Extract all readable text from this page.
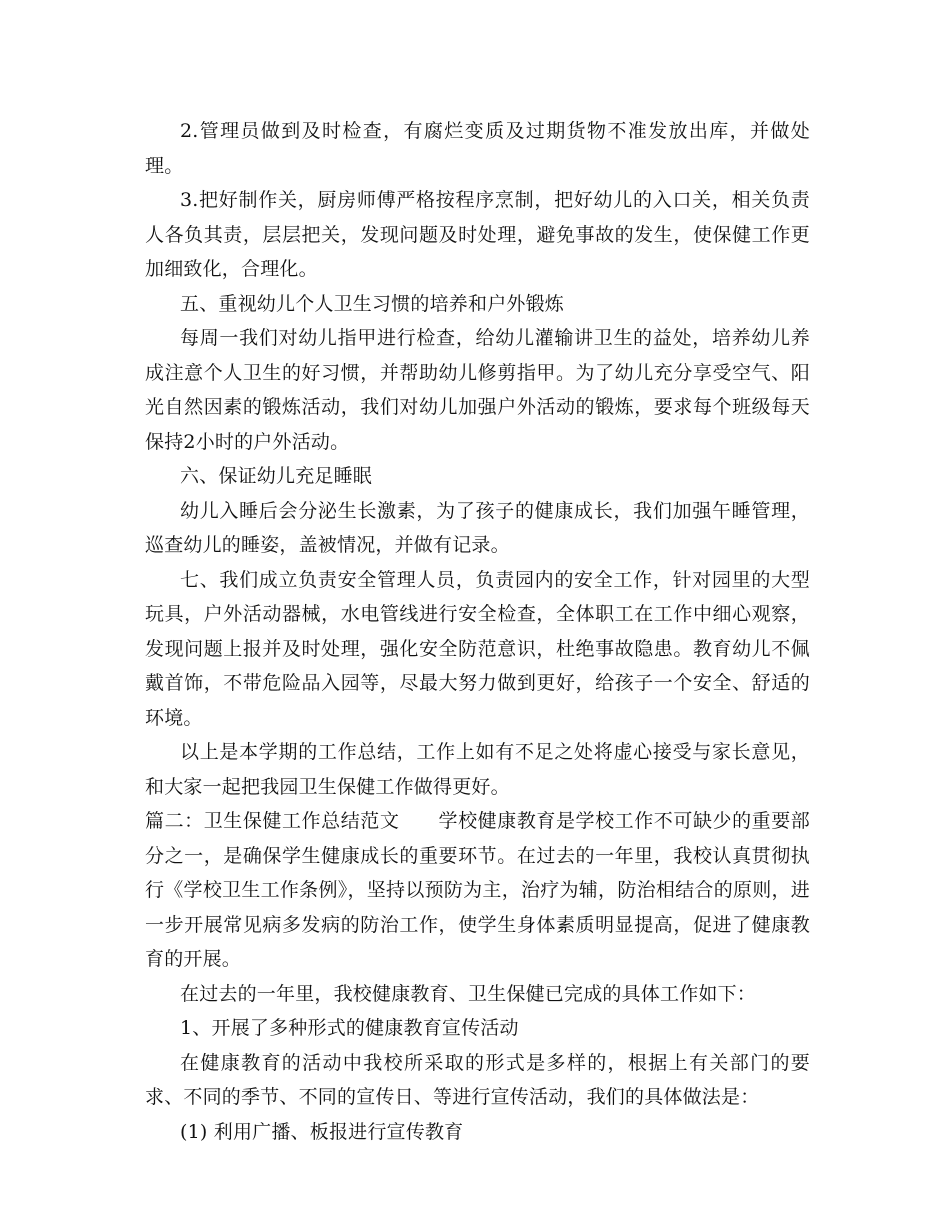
2.管理员做到及时检查，有腐烂变质及过期货物不准发放出库，并做处理。

3.把好制作关，厨房师傅严格按程序烹制，把好幼儿的入口关，相关负责人各负其责，层层把关，发现问题及时处理，避免事故的发生，使保健工作更加细致化，合理化。

五、重视幼儿个人卫生习惯的培养和户外锻炼

每周一我们对幼儿指甲进行检查，给幼儿灌输讲卫生的益处，培养幼儿养成注意个人卫生的好习惯，并帮助幼儿修剪指甲。为了幼儿充分享受空气、阳光自然因素的锻炼活动，我们对幼儿加强户外活动的锻炼，要求每个班级每天保持2小时的户外活动。

六、保证幼儿充足睡眠

幼儿入睡后会分泌生长激素，为了孩子的健康成长，我们加强午睡管理，巡查幼儿的睡姿，盖被情况，并做有记录。

七、我们成立负责安全管理人员，负责园内的安全工作，针对园里的大型玩具，户外活动器械，水电管线进行安全检查，全体职工在工作中细心观察，发现问题上报并及时处理，强化安全防范意识，杜绝事故隐患。教育幼儿不佩戴首饰，不带危险品入园等，尽最大努力做到更好，给孩子一个安全、舒适的环境。

以上是本学期的工作总结，工作上如有不足之处将虚心接受与家长意见，和大家一起把我园卫生保健工作做得更好。

篇二：卫生保健工作总结范文　　学校健康教育是学校工作不可缺少的重要部分之一，是确保学生健康成长的重要环节。在过去的一年里，我校认真贯彻执行《学校卫生工作条例》，坚持以预防为主，治疗为辅，防治相结合的原则，进一步开展常见病多发病的防治工作，使学生身体素质明显提高，促进了健康教育的开展。

在过去的一年里，我校健康教育、卫生保健已完成的具体工作如下：

1、开展了多种形式的健康教育宣传活动

在健康教育的活动中我校所采取的形式是多样的，根据上有关部门的要求、不同的季节、不同的宣传日、等进行宣传活动，我们的具体做法是：

(1) 利用广播、板报进行宣传教育
